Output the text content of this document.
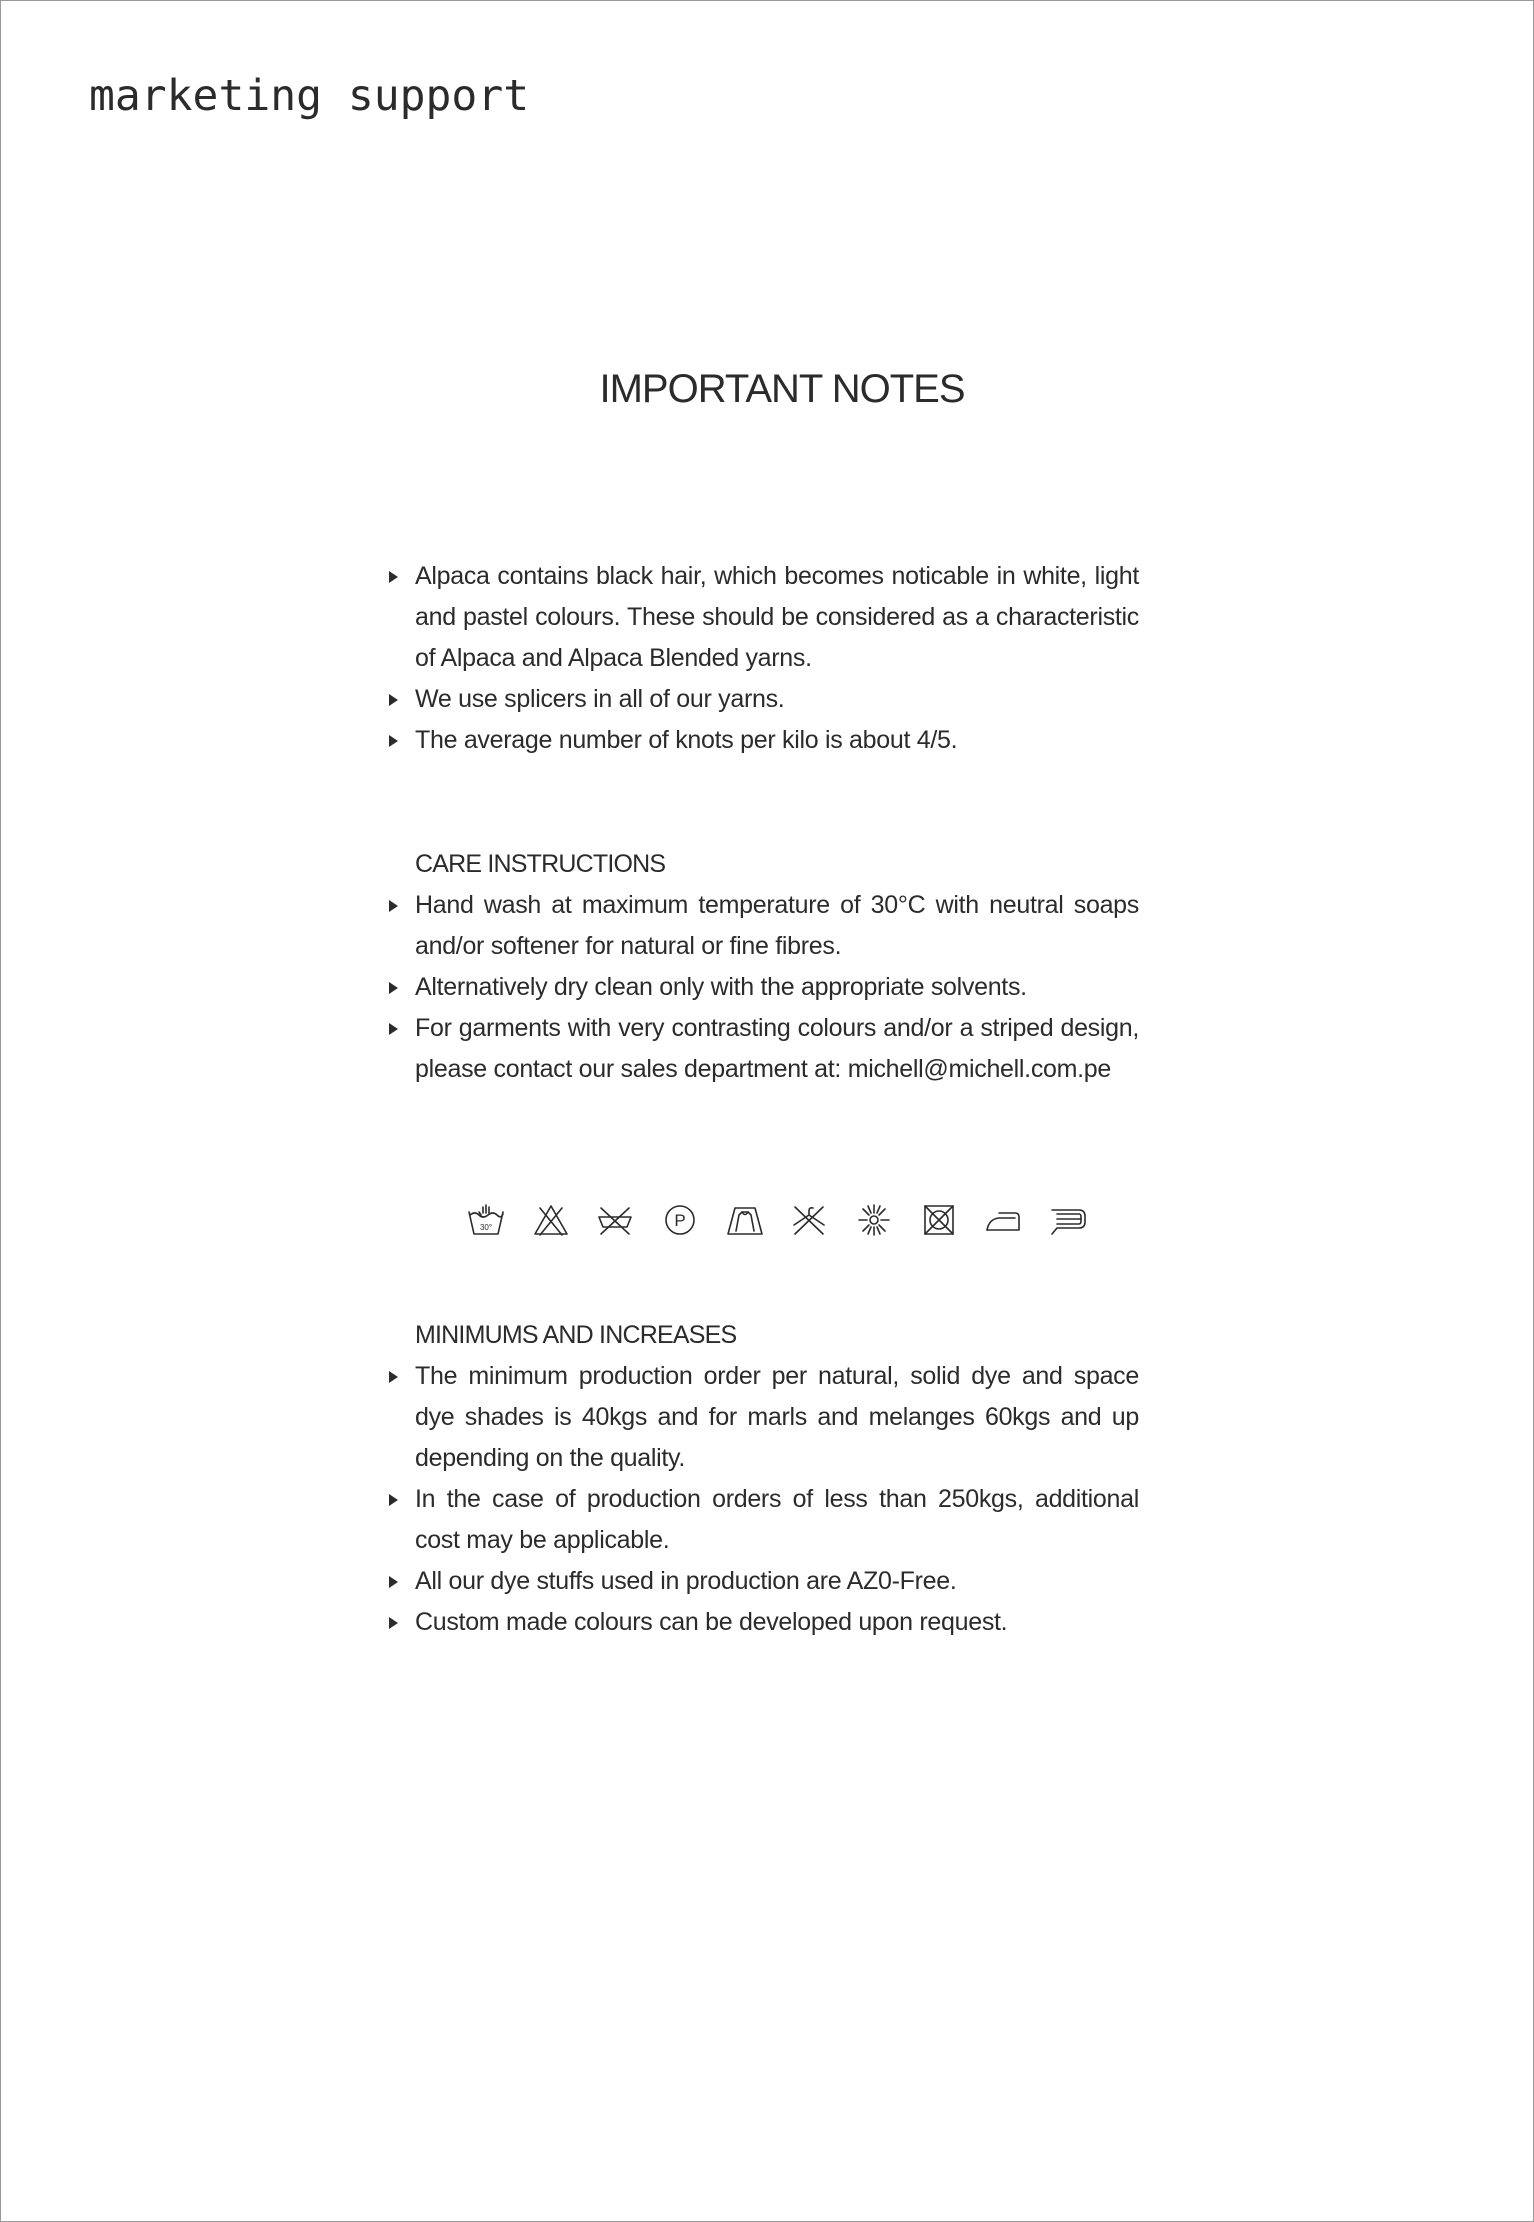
marketing support
IMPORTANT NOTES
Alpaca contains black hair, which becomes noticable in white, light and pastel colours. These should be considered as a characteristic of Alpaca and Alpaca Blended yarns.
We use splicers in all of our yarns.
The average number of knots per kilo is about 4/5.
CARE INSTRUCTIONS
Hand wash at maximum temperature of 30°C with neutral soaps and/or softener for natural or fine fibres.
Alternatively dry clean only with the appropriate solvents.
For garments with very contrasting colours and/or a striped design, please contact our sales department at: michell@michell.com.pe
30°	P
MINIMUMS AND INCREASES
The minimum production order per natural, solid dye and space dye shades is 40kgs and for marls and melanges 60kgs and up depending on the quality.
In the case of production orders of less than 250kgs, additional cost may be applicable.
All our dye stuffs used in production are AZ0-Free.
Custom made colours can be developed upon request.
